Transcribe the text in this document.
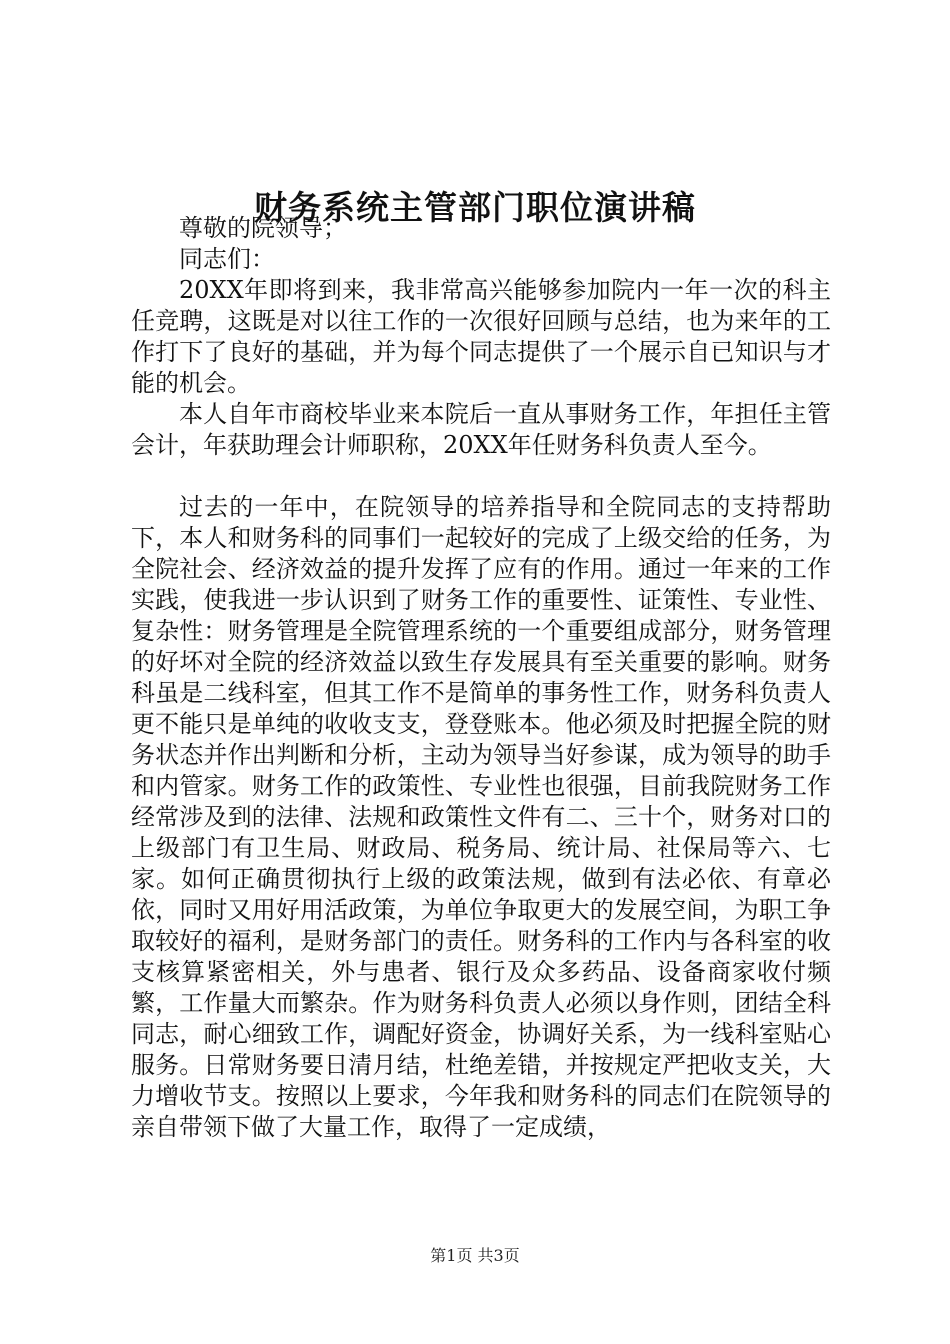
财务系统主管部门职位演讲稿

尊敬的院领导；

同志们：

20XX年即将到来，我非常高兴能够参加院内一年一次的科主任竞聘，这既是对以往工作的一次很好回顾与总结，也为来年的工作打下了良好的基础，并为每个同志提供了一个展示自已知识与才能的机会。

本人自年市商校毕业来本院后一直从事财务工作，年担任主管会计，年获助理会计师职称，20XX年任财务科负责人至今。

过去的一年中，在院领导的培养指导和全院同志的支持帮助下，本人和财务科的同事们一起较好的完成了上级交给的任务，为全院社会、经济效益的提升发挥了应有的作用。通过一年来的工作实践，使我进一步认识到了财务工作的重要性、证策性、专业性、复杂性：财务管理是全院管理系统的一个重要组成部分，财务管理的好坏对全院的经济效益以致生存发展具有至关重要的影响。财务科虽是二线科室，但其工作不是简单的事务性工作，财务科负责人更不能只是单纯的收收支支，登登账本。他必须及时把握全院的财务状态并作出判断和分析，主动为领导当好参谋，成为领导的助手和内管家。财务工作的政策性、专业性也很强，目前我院财务工作经常涉及到的法律、法规和政策性文件有二、三十个，财务对口的上级部门有卫生局、财政局、税务局、统计局、社保局等六、七家。如何正确贯彻执行上级的政策法规，做到有法必依、有章必依，同时又用好用活政策，为单位争取更大的发展空间，为职工争取较好的福利，是财务部门的责任。财务科的工作内与各科室的收支核算紧密相关，外与患者、银行及众多药品、设备商家收付频繁，工作量大而繁杂。作为财务科负责人必须以身作则，团结全科同志，耐心细致工作，调配好资金，协调好关系，为一线科室贴心服务。日常财务要日清月结，杜绝差错，并按规定严把收支关，大力增收节支。按照以上要求，今年我和财务科的同志们在院领导的亲自带领下做了大量工作，取得了一定成绩，

第1页 共3页
